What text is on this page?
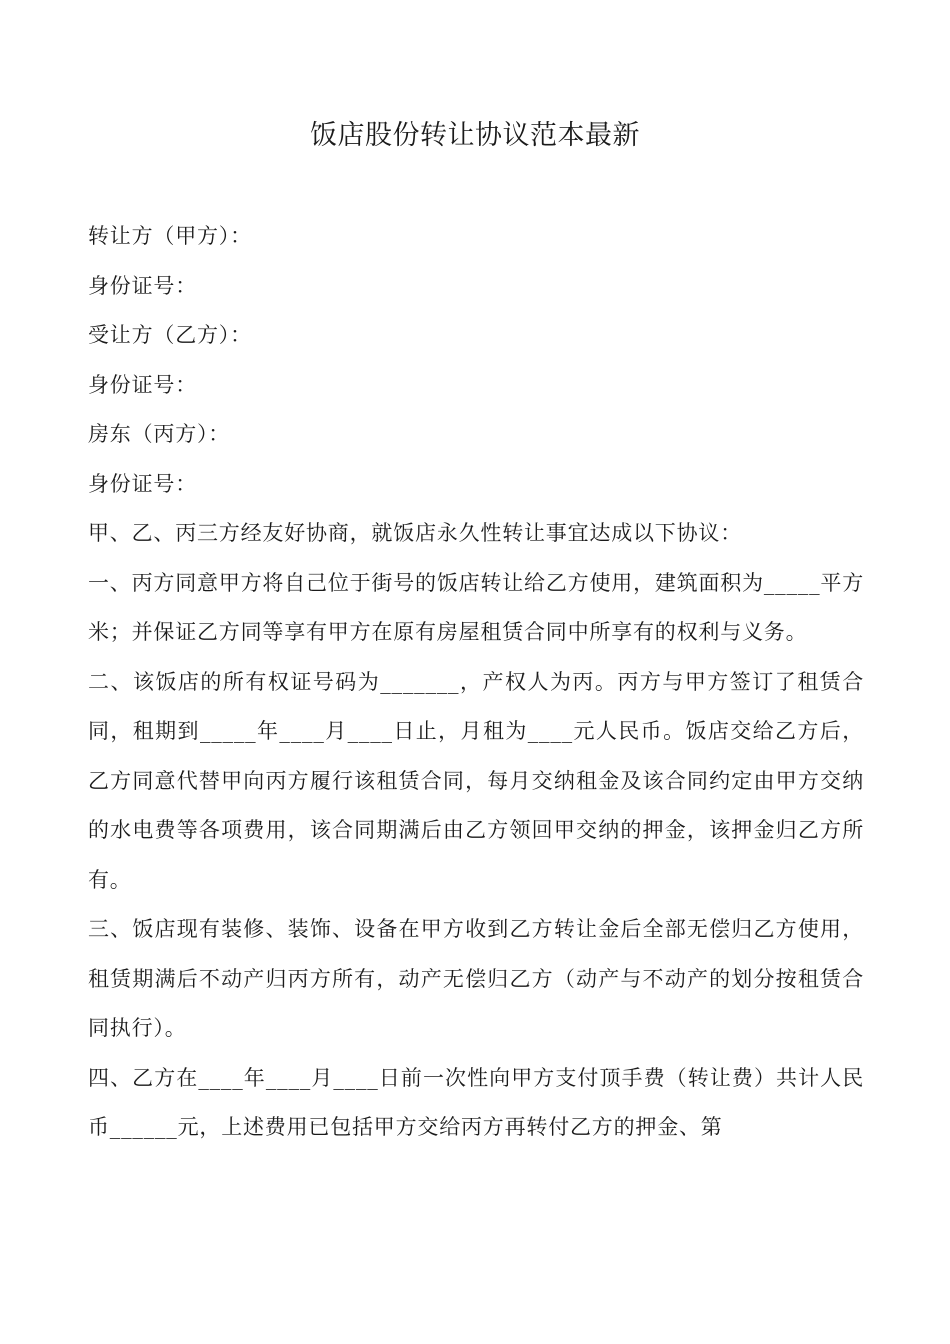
饭店股份转让协议范本最新

转让方（甲方）：

身份证号：

受让方（乙方）：

身份证号：

房东（丙方）：

身份证号：

甲、乙、丙三方经友好协商，就饭店永久性转让事宜达成以下协议：

一、丙方同意甲方将自己位于街号的饭店转让给乙方使用，建筑面积为_____平方米；并保证乙方同等享有甲方在原有房屋租赁合同中所享有的权利与义务。

二、该饭店的所有权证号码为_______，产权人为丙。丙方与甲方签订了租赁合同，租期到_____年____月____日止，月租为____元人民币。饭店交给乙方后，乙方同意代替甲向丙方履行该租赁合同，每月交纳租金及该合同约定由甲方交纳的水电费等各项费用，该合同期满后由乙方领回甲交纳的押金，该押金归乙方所有。

三、饭店现有装修、装饰、设备在甲方收到乙方转让金后全部无偿归乙方使用，租赁期满后不动产归丙方所有，动产无偿归乙方（动产与不动产的划分按租赁合同执行）。

四、乙方在____年____月____日前一次性向甲方支付顶手费（转让费）共计人民币______元，上述费用已包括甲方交给丙方再转付乙方的押金、第
